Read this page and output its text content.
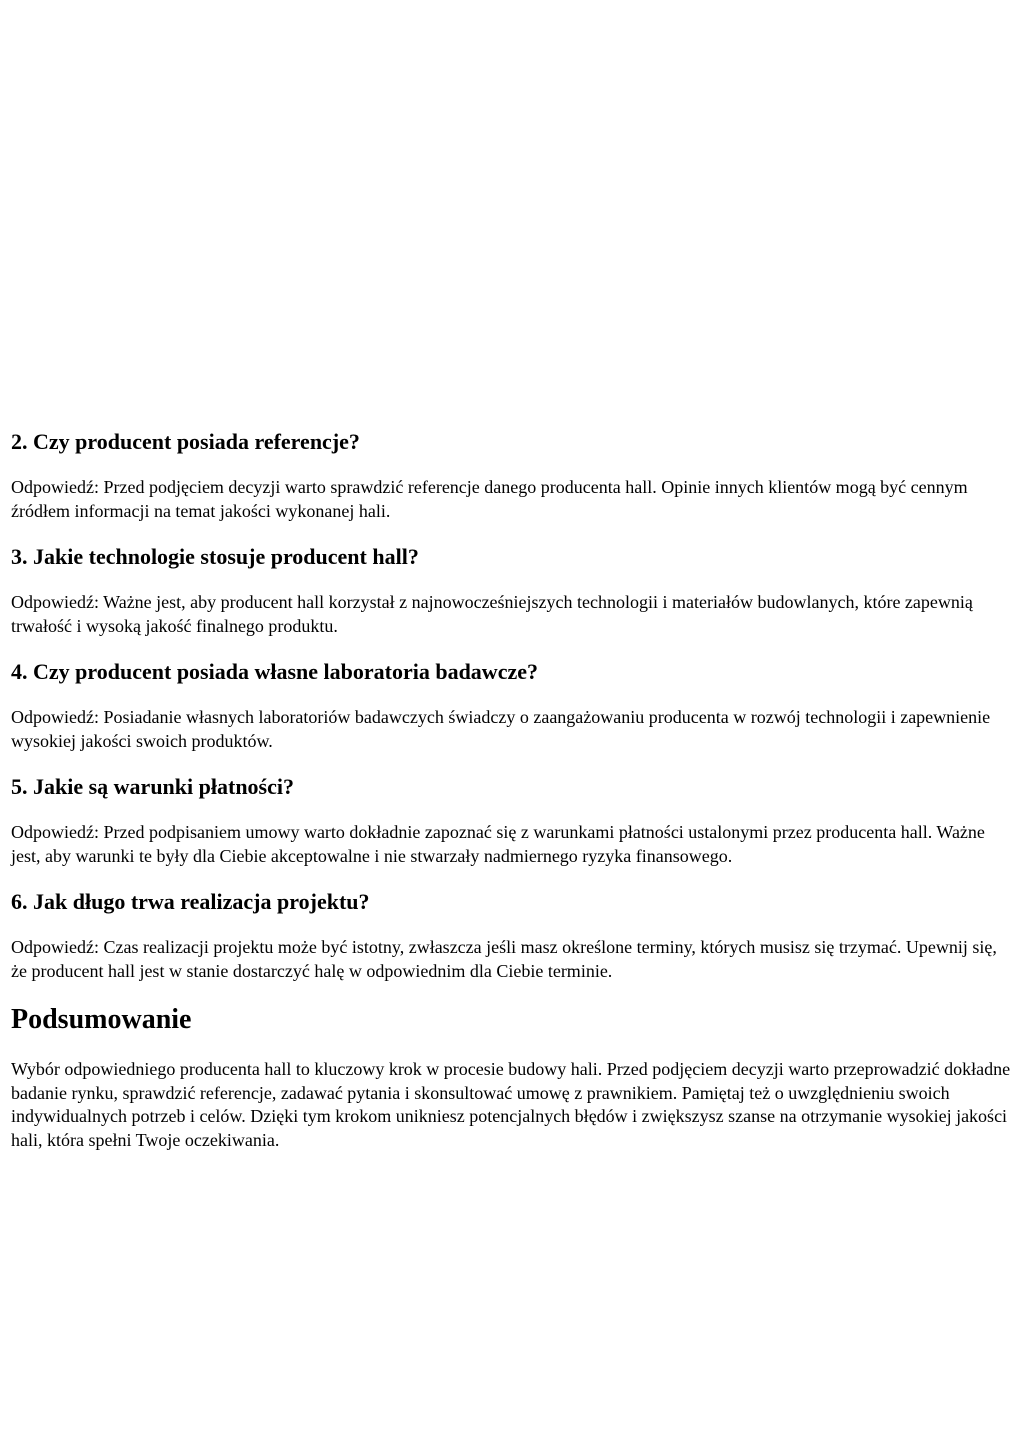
2. Czy producent posiada referencje?

Odpowiedź: Przed podjęciem decyzji warto sprawdzić referencje danego producenta hall. Opinie innych klientów mogą być cennym źródłem informacji na temat jakości wykonanej hali.

3. Jakie technologie stosuje producent hall?

Odpowiedź: Ważne jest, aby producent hall korzystał z najnowocześniejszych technologii i materiałów budowlanych, które zapewnią trwałość i wysoką jakość finalnego produktu.

4. Czy producent posiada własne laboratoria badawcze?

Odpowiedź: Posiadanie własnych laboratoriów badawczych świadczy o zaangażowaniu producenta w rozwój technologii i zapewnienie wysokiej jakości swoich produktów.

5. Jakie są warunki płatności?

Odpowiedź: Przed podpisaniem umowy warto dokładnie zapoznać się z warunkami płatności ustalonymi przez producenta hall. Ważne jest, aby warunki te były dla Ciebie akceptowalne i nie stwarzały nadmiernego ryzyka finansowego.

6. Jak długo trwa realizacja projektu?

Odpowiedź: Czas realizacji projektu może być istotny, zwłaszcza jeśli masz określone terminy, których musisz się trzymać. Upewnij się, że producent hall jest w stanie dostarczyć halę w odpowiednim dla Ciebie terminie.

Podsumowanie

Wybór odpowiedniego producenta hall to kluczowy krok w procesie budowy hali. Przed podjęciem decyzji warto przeprowadzić dokładne badanie rynku, sprawdzić referencje, zadawać pytania i skonsultować umowę z prawnikiem. Pamiętaj też o uwzględnieniu swoich indywidualnych potrzeb i celów. Dzięki tym krokom unikniesz potencjalnych błędów i zwiększysz szanse na otrzymanie wysokiej jakości hali, która spełni Twoje oczekiwania.
